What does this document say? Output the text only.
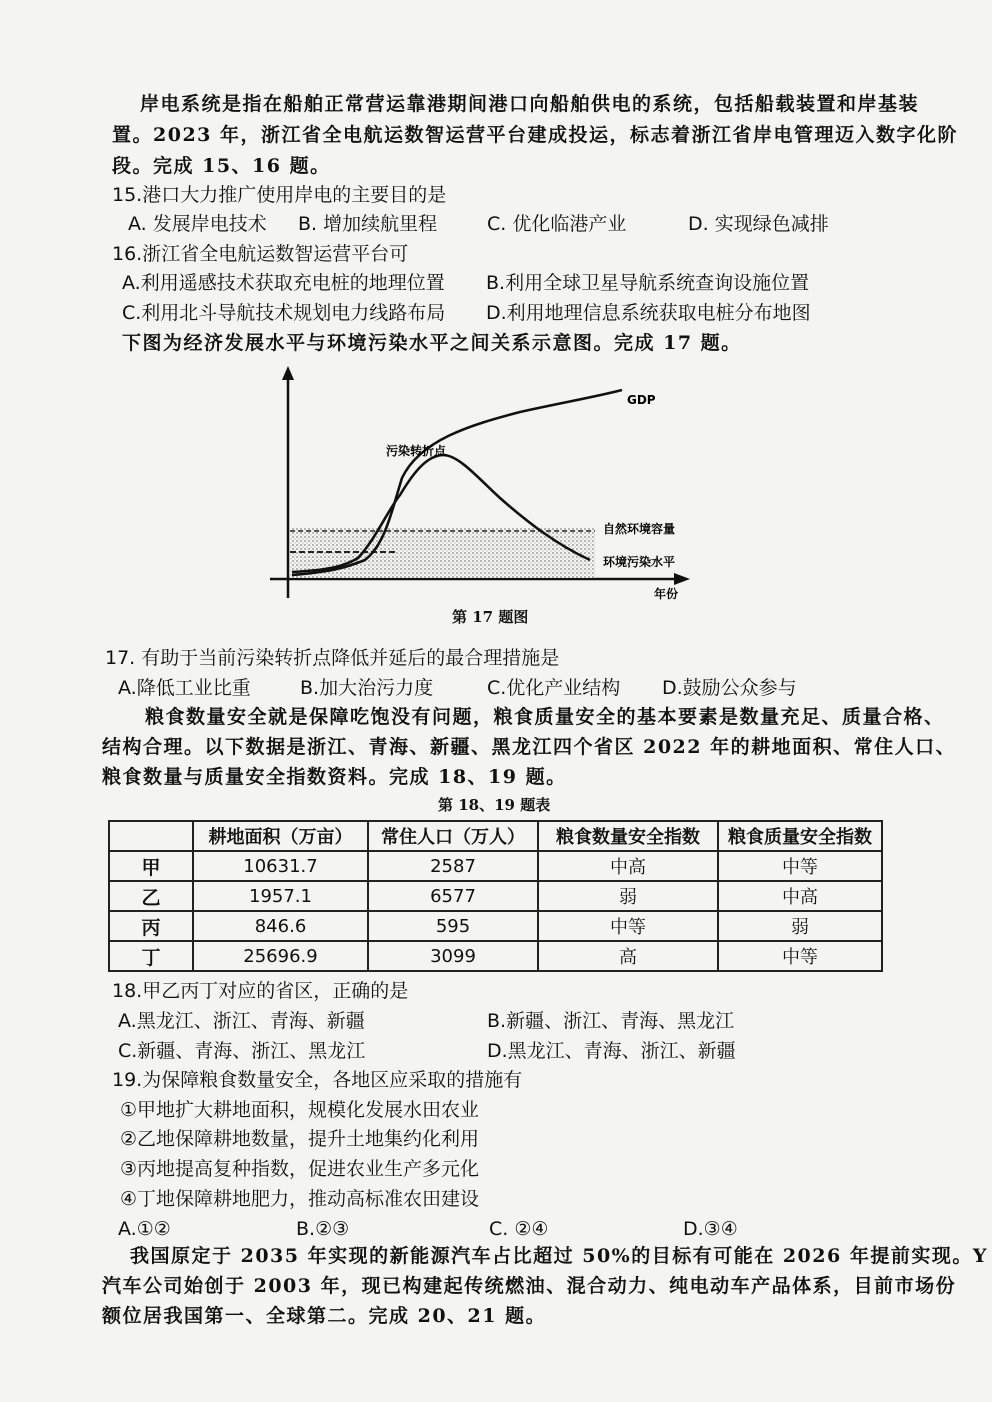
岸电系统是指在船舶正常营运靠港期间港口向船舶供电的系统，包括船载装置和岸基装
置。2023 年，浙江省全电航运数智运营平台建成投运，标志着浙江省岸电管理迈入数字化阶
段。完成 15、16 题。
15.港口大力推广使用岸电的主要目的是
A. 发展岸电技术 B. 增加续航里程	C. 优化临港产业	D. 实现绿色减排
16.浙江省全电航运数智运营平台可
A.利用遥感技术获取充电桩的地理位置 B.利用全球卫星导航系统查询设施位置
C.利用北斗导航技术规划电力线路布局 D.利用地理信息系统获取电桩分布地图
下图为经济发展水平与环境污染水平之间关系示意图。完成 17 题。
GDP
污染转折点
自然环境容量
环境污染水平
年份
第 17 题图
17. 有助于当前污染转折点降低并延后的最合理措施是
A.降低工业比重	B.加大治污力度	C.优化产业结构 D.鼓励公众参与
粮食数量安全就是保障吃饱没有问题，粮食质量安全的基本要素是数量充足、质量合格、
结构合理。以下数据是浙江、青海、新疆、黑龙江四个省区 2022 年的耕地面积、常住人口、
粮食数量与质量安全指数资料。完成 18、19 题。
第 18、19 题表
	耕地面积（万亩）	常住人口（万人）	粮食数量安全指数	粮食质量安全指数
甲	10631.7	2587	中高	中等
乙	1957.1	6577	弱	中高
丙	846.6	595	中等	弱
丁	25696.9	3099	高	中等
18.甲乙丙丁对应的省区，正确的是
A.黑龙江、浙江、青海、新疆	B.新疆、浙江、青海、黑龙江
C.新疆、青海、浙江、黑龙江	D.黑龙江、青海、浙江、新疆
19.为保障粮食数量安全，各地区应采取的措施有
①甲地扩大耕地面积，规模化发展水田农业
②乙地保障耕地数量，提升土地集约化利用
③丙地提高复种指数，促进农业生产多元化
④丁地保障耕地肥力，推动高标准农田建设
A.①②	B.②③	C. ②④	D.③④
我国原定于 2035 年实现的新能源汽车占比超过 50%的目标有可能在 2026 年提前实现。Y
汽车公司始创于 2003 年，现已构建起传统燃油、混合动力、纯电动车产品体系，目前市场份
额位居我国第一、全球第二。完成 20、21 题。
